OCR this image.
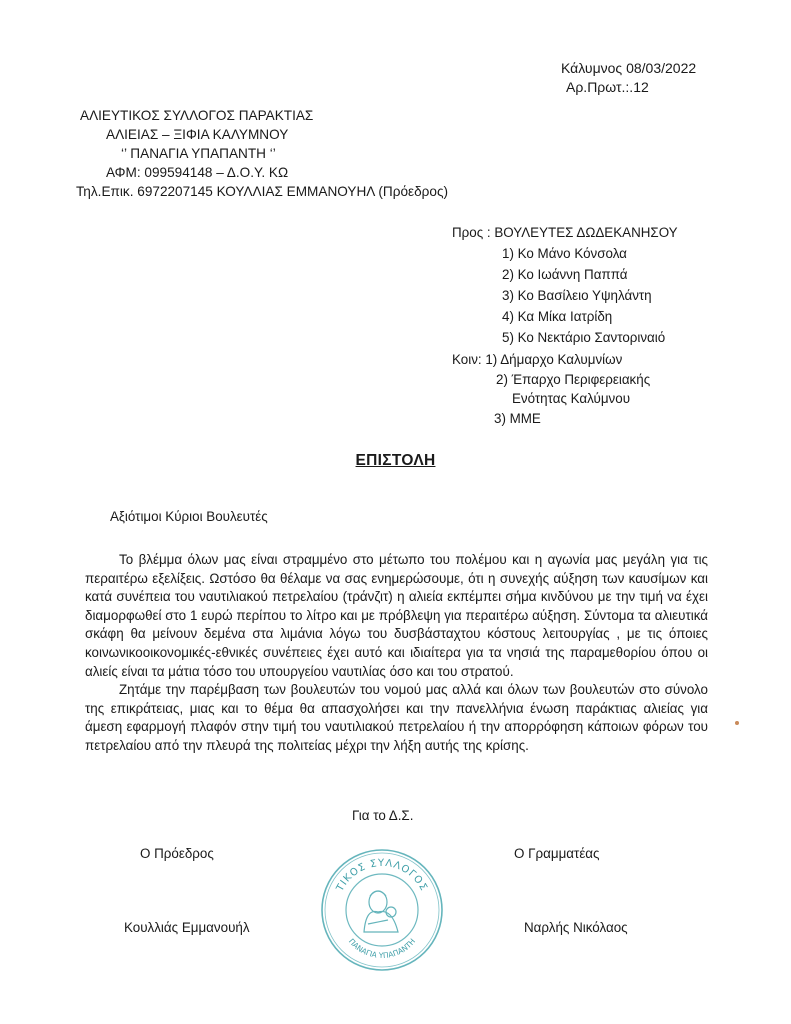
Κάλυμνος 08/03/2022
Αρ.Πρωτ.:.12
ΑΛΙΕΥΤΙΚΟΣ ΣΥΛΛΟΓΟΣ ΠΑΡΑΚΤΙΑΣ
ΑΛΙΕΙΑΣ – ΞΙΦΙΑ ΚΑΛΥΜΝΟΥ
‘’ ΠΑΝΑΓΙΑ ΥΠΑΠΑΝΤΗ ‘’
ΑΦΜ: 099594148 – Δ.Ο.Υ. ΚΩ
Τηλ.Επικ. 6972207145 ΚΟΥΛΛΙΑΣ ΕΜΜΑΝΟΥΗΛ (Πρόεδρος)
Προς : ΒΟΥΛΕΥΤΕΣ ΔΩΔΕΚΑΝΗΣΟΥ
1) Κο Μάνο Κόνσολα
2) Κο Ιωάννη Παππά
3) Κο Βασίλειο Υψηλάντη
4) Κα Μίκα Ιατρίδη
5) Κο Νεκτάριο Σαντοριναιό
Κοιν: 1) Δήμαρχο Καλυμνίων
2) Έπαρχο Περιφερειακής
Ενότητας Καλύμνου
3) ΜΜΕ
ΕΠΙΣΤΟΛΗ
Αξιότιμοι Κύριοι Βουλευτές

Το βλέμμα όλων μας είναι στραμμένο στο μέτωπο του πολέμου και η αγωνία μας μεγάλη για τις περαιτέρω εξελίξεις. Ωστόσο θα θέλαμε να σας ενημερώσουμε, ότι η συνεχής αύξηση των καυσίμων και κατά συνέπεια του ναυτιλιακού πετρελαίου (τράνζιτ) η αλιεία εκπέμπει σήμα κινδύνου με την τιμή να έχει διαμορφωθεί στο 1 ευρώ περίπου το λίτρο και με πρόβλεψη για περαιτέρω αύξηση. Σύντομα τα αλιευτικά σκάφη θα μείνουν δεμένα στα λιμάνια λόγω του δυσβάσταχτου κόστους λειτουργίας , με τις όποιες κοινωνικοοικονομικές-εθνικές συνέπειες έχει αυτό και ιδιαίτερα για τα νησιά της παραμεθορίου όπου οι αλιείς είναι τα μάτια τόσο του υπουργείου ναυτιλίας όσο και του στρατού.

Ζητάμε την παρέμβαση των βουλευτών του νομού μας αλλά και όλων των βουλευτών στο σύνολο της επικράτειας, μιας και το θέμα θα απασχολήσει και την πανελλήνια ένωση παράκτιας αλιείας για άμεση εφαρμογή πλαφόν στην τιμή του ναυτιλιακού πετρελαίου ή την απορρόφηση κάποιων φόρων του πετρελαίου από την πλευρά της πολιτείας μέχρι την λήξη αυτής της κρίσης.

Για το Δ.Σ.
Ο Πρόεδρος	Ο Γραμματέας
Κουλλιάς Εμμανουήλ	Ναρλής Νικόλαος
ΤΙΚΟΣ ΣΥΛΛΟΓΟΣ
ΠΑΝΑΓΙΑ ΥΠΑΠΑΝΤΗ
